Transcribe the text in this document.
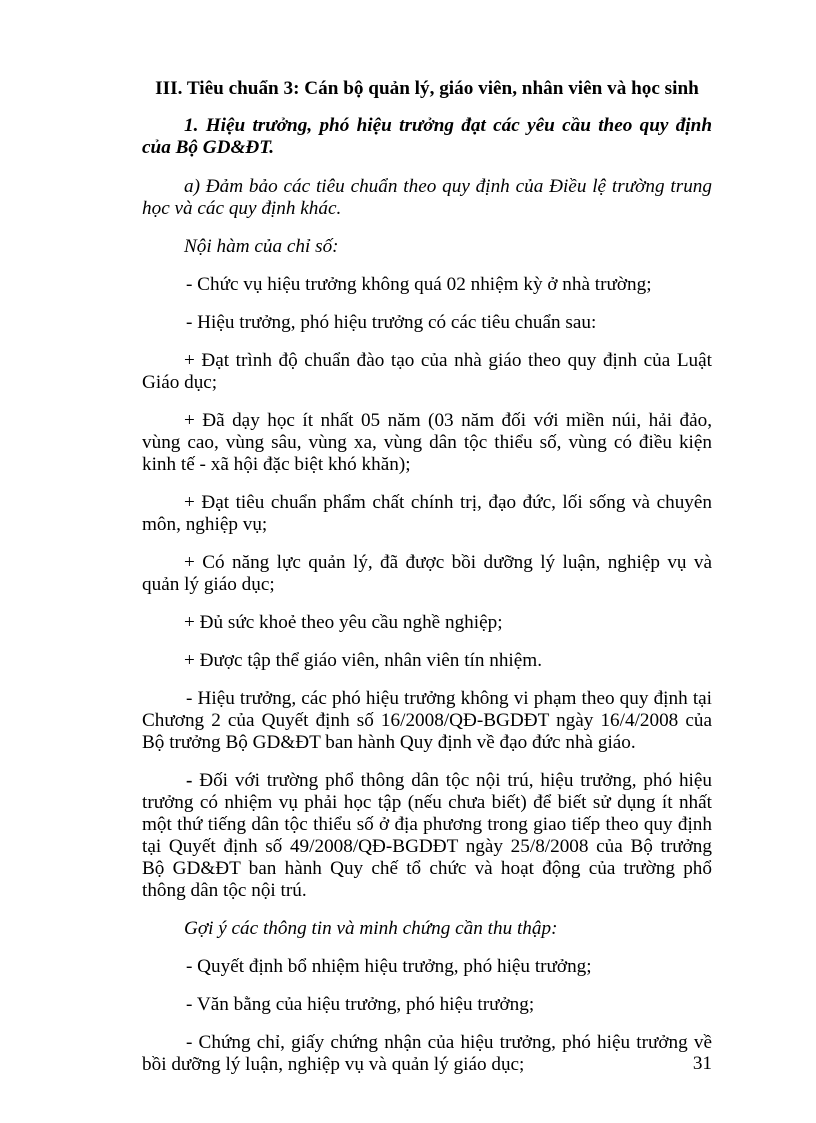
III. Tiêu chuẩn 3: Cán bộ quản lý, giáo viên, nhân viên và học sinh

1. Hiệu trưởng, phó hiệu trưởng đạt các yêu cầu theo quy định của Bộ GD&ĐT.

a) Đảm bảo các tiêu chuẩn theo quy định của Điều lệ trường trung học và các quy định khác.

Nội hàm của chỉ số:

- Chức vụ hiệu trưởng không quá 02 nhiệm kỳ ở nhà trường;

- Hiệu trưởng, phó hiệu trưởng có các tiêu chuẩn sau:

+ Đạt trình độ chuẩn đào tạo của nhà giáo theo quy định của Luật Giáo dục;

+ Đã dạy học ít nhất 05 năm (03 năm đối với miền núi, hải đảo, vùng cao, vùng sâu, vùng xa, vùng dân tộc thiểu số, vùng có điều kiện kinh tế - xã hội đặc biệt khó khăn);

+ Đạt tiêu chuẩn phẩm chất chính trị, đạo đức, lối sống và chuyên môn, nghiệp vụ;

+ Có năng lực quản lý, đã được bồi dưỡng lý luận, nghiệp vụ và quản lý giáo dục;

+ Đủ sức khoẻ theo yêu cầu nghề nghiệp;

+ Được tập thể giáo viên, nhân viên tín nhiệm.

- Hiệu trưởng, các phó hiệu trưởng không vi phạm theo quy định tại Chương 2 của Quyết định số 16/2008/QĐ-BGDĐT ngày 16/4/2008 của Bộ trưởng Bộ GD&ĐT ban hành Quy định về đạo đức nhà giáo.

- Đối với trường phổ thông dân tộc nội trú, hiệu trưởng, phó hiệu trưởng có nhiệm vụ phải học tập (nếu chưa biết) để biết sử dụng ít nhất một thứ tiếng dân tộc thiểu số ở địa phương trong giao tiếp theo quy định tại Quyết định số 49/2008/QĐ-BGDĐT ngày 25/8/2008 của Bộ trưởng Bộ GD&ĐT ban hành Quy chế tổ chức và hoạt động của trường phổ thông dân tộc nội trú.

Gợi ý các thông tin và minh chứng cần thu thập:

- Quyết định bổ nhiệm hiệu trưởng, phó hiệu trưởng;

- Văn bằng của hiệu trưởng, phó hiệu trưởng;

- Chứng chỉ, giấy chứng nhận của hiệu trưởng, phó hiệu trưởng về bồi dưỡng lý luận, nghiệp vụ và quản lý giáo dục;	31
